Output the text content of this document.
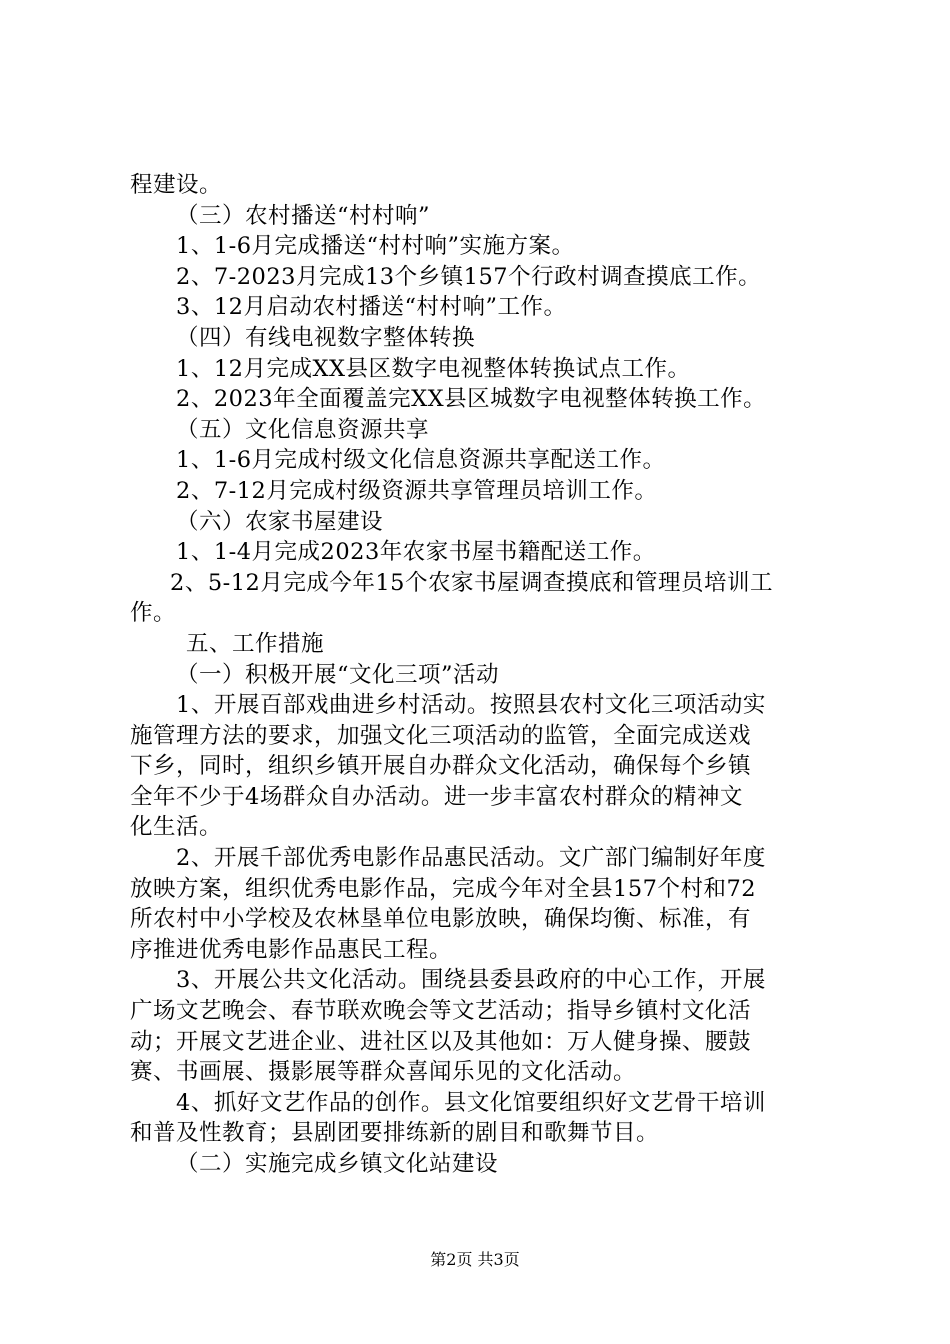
程建设。
（三）农村播送“村村响”
1、1-6月完成播送“村村响”实施方案。
2、7-2023月完成13个乡镇157个行政村调查摸底工作。
3、12月启动农村播送“村村响”工作。
（四）有线电视数字整体转换
1、12月完成XX县区数字电视整体转换试点工作。
2、2023年全面覆盖完XX县区城数字电视整体转换工作。
（五）文化信息资源共享
1、1-6月完成村级文化信息资源共享配送工作。
2、7-12月完成村级资源共享管理员培训工作。
（六）农家书屋建设
1、1-4月完成2023年农家书屋书籍配送工作。
2、5-12月完成今年15个农家书屋调查摸底和管理员培训工
作。
五、工作措施
（一）积极开展“文化三项”活动
1、开展百部戏曲进乡村活动。按照县农村文化三项活动实
施管理方法的要求，加强文化三项活动的监管，全面完成送戏
下乡，同时，组织乡镇开展自办群众文化活动，确保每个乡镇
全年不少于4场群众自办活动。进一步丰富农村群众的精神文
化生活。
2、开展千部优秀电影作品惠民活动。文广部门编制好年度
放映方案，组织优秀电影作品，完成今年对全县157个村和72
所农村中小学校及农林垦单位电影放映，确保均衡、标准，有
序推进优秀电影作品惠民工程。
3、开展公共文化活动。围绕县委县政府的中心工作，开展
广场文艺晚会、春节联欢晚会等文艺活动；指导乡镇村文化活
动；开展文艺进企业、进社区以及其他如：万人健身操、腰鼓
赛、书画展、摄影展等群众喜闻乐见的文化活动。
4、抓好文艺作品的创作。县文化馆要组织好文艺骨干培训
和普及性教育；县剧团要排练新的剧目和歌舞节目。
（二）实施完成乡镇文化站建设
第2页 共3页
